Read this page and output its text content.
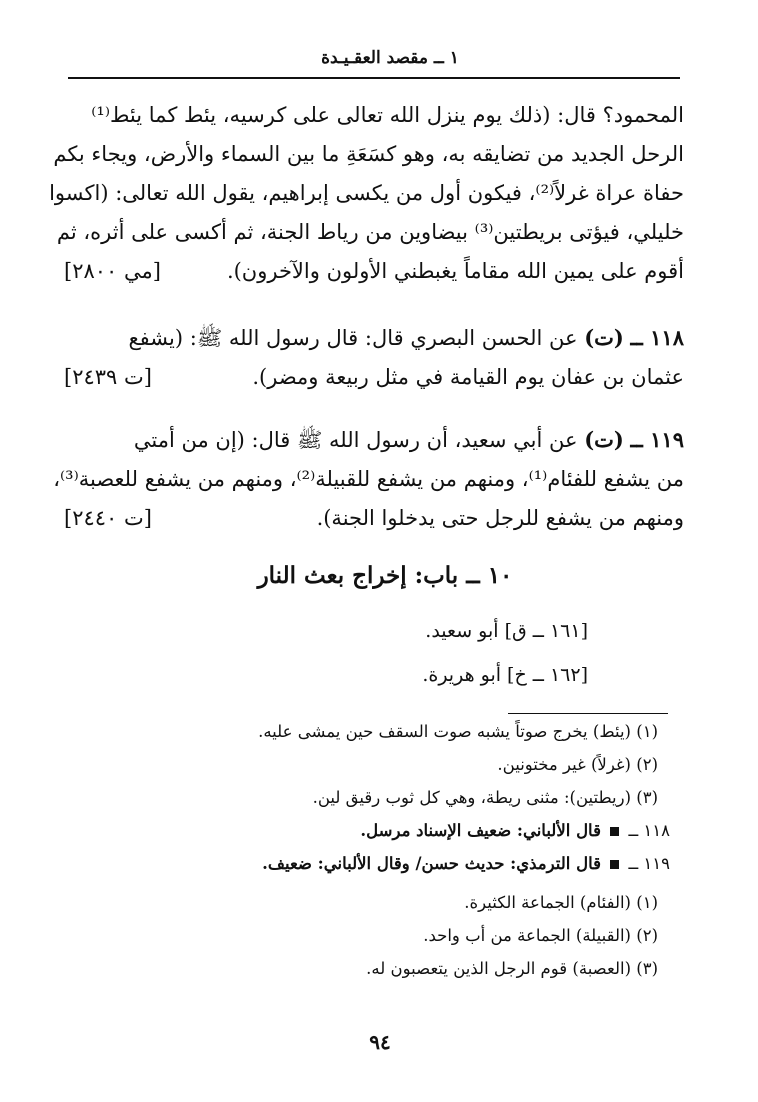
١ ــ مقصد العقـيـدة
المحمود؟ قال: (ذلك يوم ينزل الله تعالى على كرسيه، يئط كما يئط⁽¹⁾
الرحل الجديد من تضايقه به، وهو كسَعَةِ ما بين السماء والأرض، ويجاء بكم
حفاة عراة غرلاً⁽²⁾، فيكون أول من يكسى إبراهيم، يقول الله تعالى: (اكسوا
خليلي، فيؤتى بريطتين⁽³⁾ بيضاوين من رياط الجنة، ثم أكسى على أثره، ثم
أقوم على يمين الله مقاماً يغبطني الأولون والآخرون).
[مي ٢٨٠٠]
١١٨ ــ (ت) عن الحسن البصري قال: قال رسول الله ﷺ: (يشفع
عثمان بن عفان يوم القيامة في مثل ربيعة ومضر).
[ت ٢٤٣٩]
١١٩ ــ (ت) عن أبي سعيد، أن رسول الله ﷺ قال: (إن من أمتي
من يشفع للفئام⁽¹⁾، ومنهم من يشفع للقبيلة⁽²⁾، ومنهم من يشفع للعصبة⁽³⁾،
ومنهم من يشفع للرجل حتى يدخلوا الجنة).
[ت ٢٤٤٠]
١٠ ــ باب: إخراج بعث النار
[١٦١ ــ ق] أبو سعيد.
[١٦٢ ــ خ] أبو هريرة.
(١) (يئط) يخرج صوتاً يشبه صوت السقف حين يمشى عليه.
(٢) (غرلاً) غير مختونين.
(٣) (ريطتين): مثنى ريطة، وهي كل ثوب رقيق لين.
١١٨ ــ  قال الألباني: ضعيف الإسناد مرسل.
١١٩ ــ  قال الترمذي: حديث حسن/ وقال الألباني: ضعيف.
(١) (الفئام) الجماعة الكثيرة.
(٢) (القبيلة) الجماعة من أب واحد.
(٣) (العصبة) قوم الرجل الذين يتعصبون له.
٩٤
